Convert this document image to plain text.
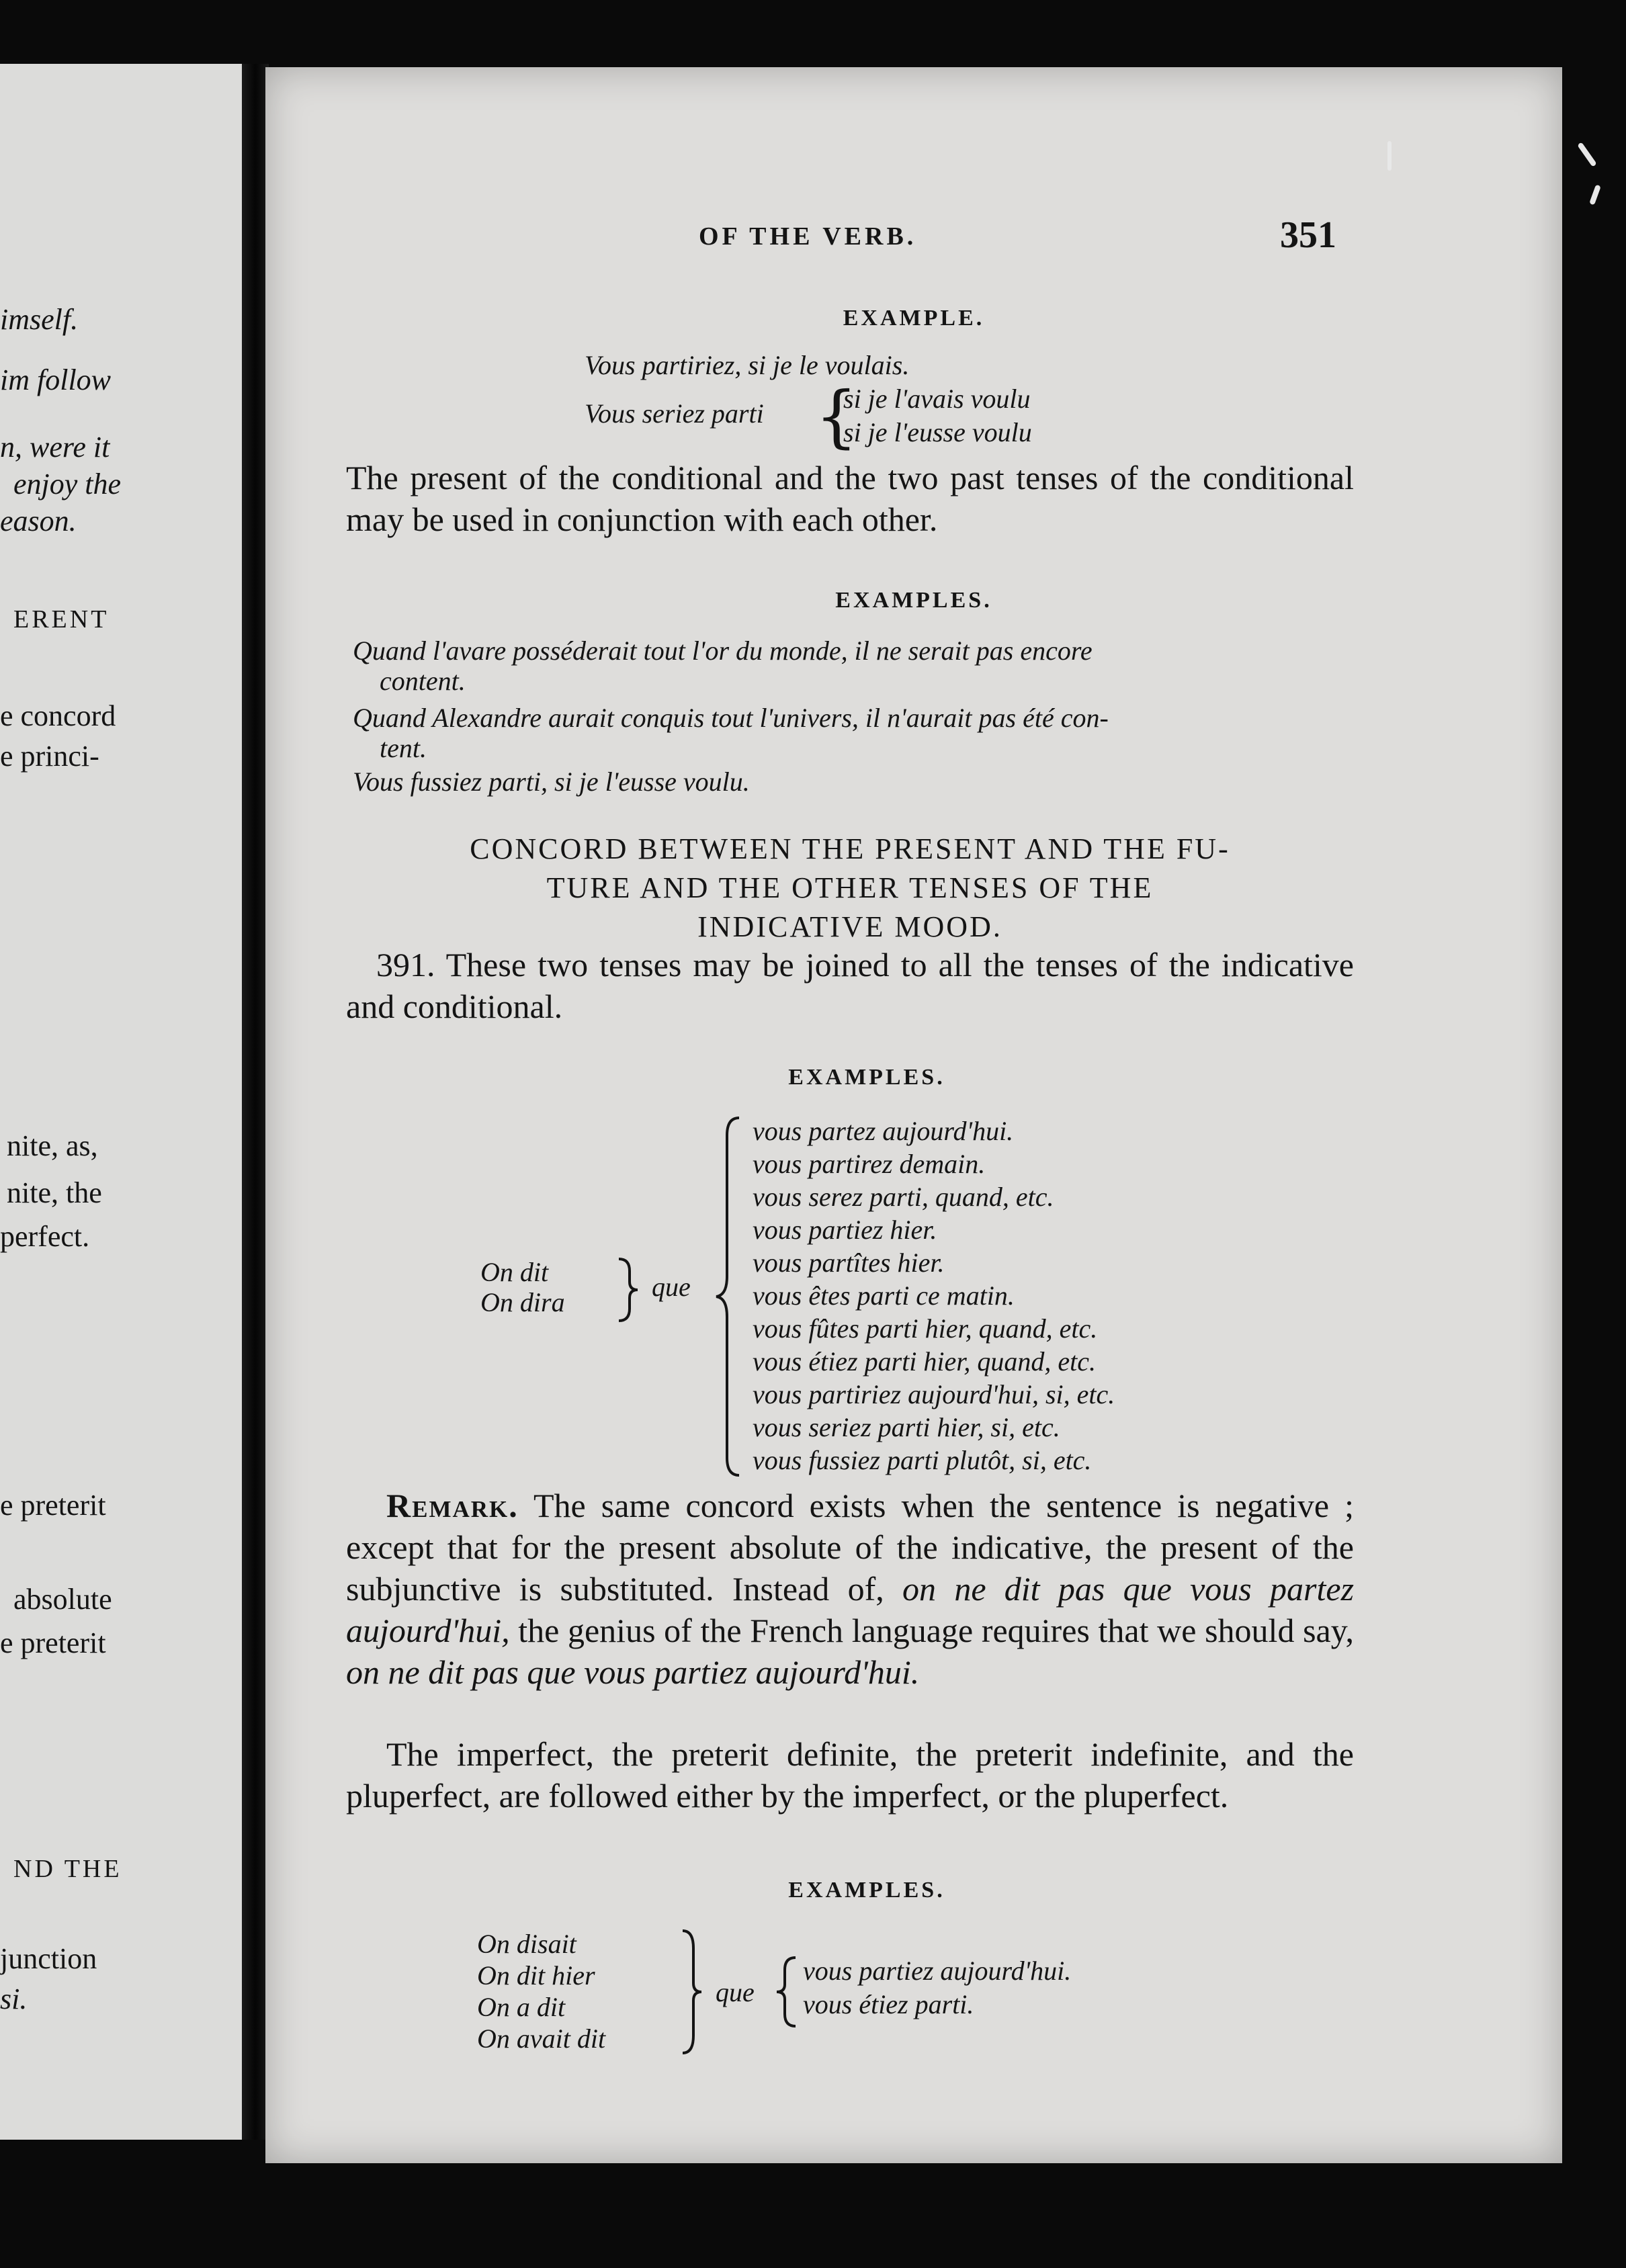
imself.
im follow
n, were it
enjoy the
eason.
ERENT
e concord
e princi-
nite, as,
nite, the
perfect.
e preterit
absolute
e preterit
ND THE
junction
si.
OF THE VERB.	351
EXAMPLE.
Vous partiriez, si je le voulais.
Vous seriez parti {
si je l'avais voulu
si je l'eusse voulu
The present of the conditional and the two past tenses of the conditional may be used in conjunction with each other.
EXAMPLES.
Quand l'avare posséderait tout l'or du monde, il ne serait pas encore
content.
Quand Alexandre aurait conquis tout l'univers, il n'aurait pas été con-
tent.
Vous fussiez parti, si je l'eusse voulu.
CONCORD BETWEEN THE PRESENT AND THE FU-
TURE AND THE OTHER TENSES OF THE
INDICATIVE MOOD.
391. These two tenses may be joined to all the tenses of the indicative and conditional.
EXAMPLES.
On dit
On dira
que
vous partez aujourd'hui.
vous partirez demain.
vous serez parti, quand, etc.
vous partiez hier.
vous partîtes hier.
vous êtes parti ce matin.
vous fûtes parti hier, quand, etc.
vous étiez parti hier, quand, etc.
vous partiriez aujourd'hui, si, etc.
vous seriez parti hier, si, etc.
vous fussiez parti plutôt, si, etc.
Remark. The same concord exists when the sentence is negative ; except that for the present absolute of the indicative, the present of the subjunctive is substituted. Instead of, on ne dit pas que vous partez aujourd'hui, the genius of the French language requires that we should say, on ne dit pas que vous partiez aujourd'hui.
The imperfect, the preterit definite, the preterit indefinite, and the pluperfect, are followed either by the imperfect, or the pluperfect.
EXAMPLES.
On disait
On dit hier
On a dit
On avait dit
que
vous partiez aujourd'hui.
vous étiez parti.
